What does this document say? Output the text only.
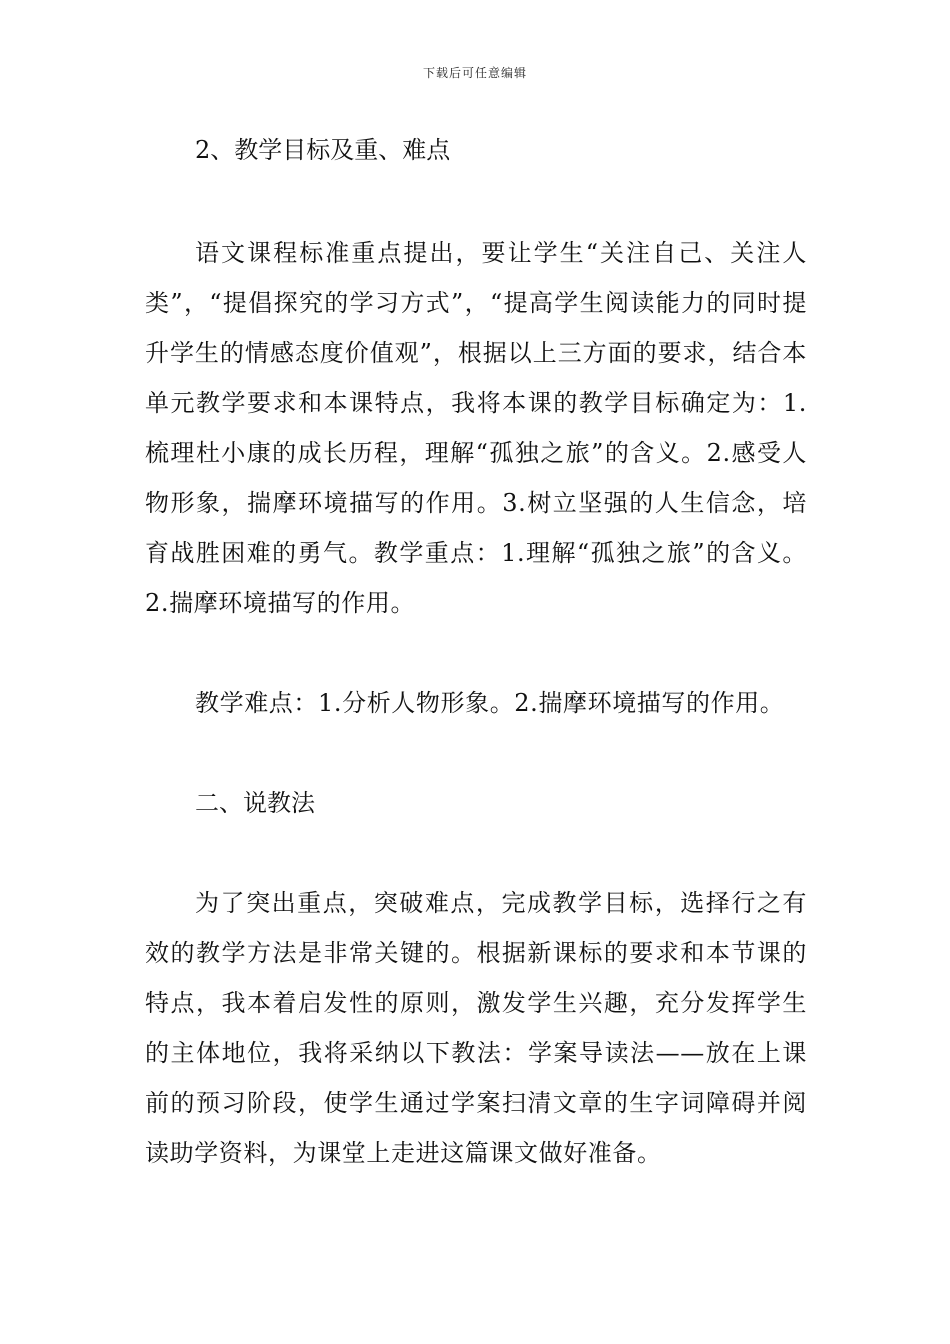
下载后可任意编辑

2、教学目标及重、难点

语文课程标准重点提出，要让学生“关注自己、关注人类”，“提倡探究的学习方式”，“提高学生阅读能力的同时提升学生的情感态度价值观”，根据以上三方面的要求，结合本单元教学要求和本课特点，我将本课的教学目标确定为：1.梳理杜小康的成长历程，理解“孤独之旅”的含义。2.感受人物形象，揣摩环境描写的作用。3.树立坚强的人生信念，培育战胜困难的勇气。教学重点：1.理解“孤独之旅”的含义。2.揣摩环境描写的作用。

教学难点：1.分析人物形象。2.揣摩环境描写的作用。

二、说教法

为了突出重点，突破难点，完成教学目标，选择行之有效的教学方法是非常关键的。根据新课标的要求和本节课的特点，我本着启发性的原则，激发学生兴趣，充分发挥学生的主体地位，我将采纳以下教法：学案导读法——放在上课前的预习阶段，使学生通过学案扫清文章的生字词障碍并阅读助学资料，为课堂上走进这篇课文做好准备。
